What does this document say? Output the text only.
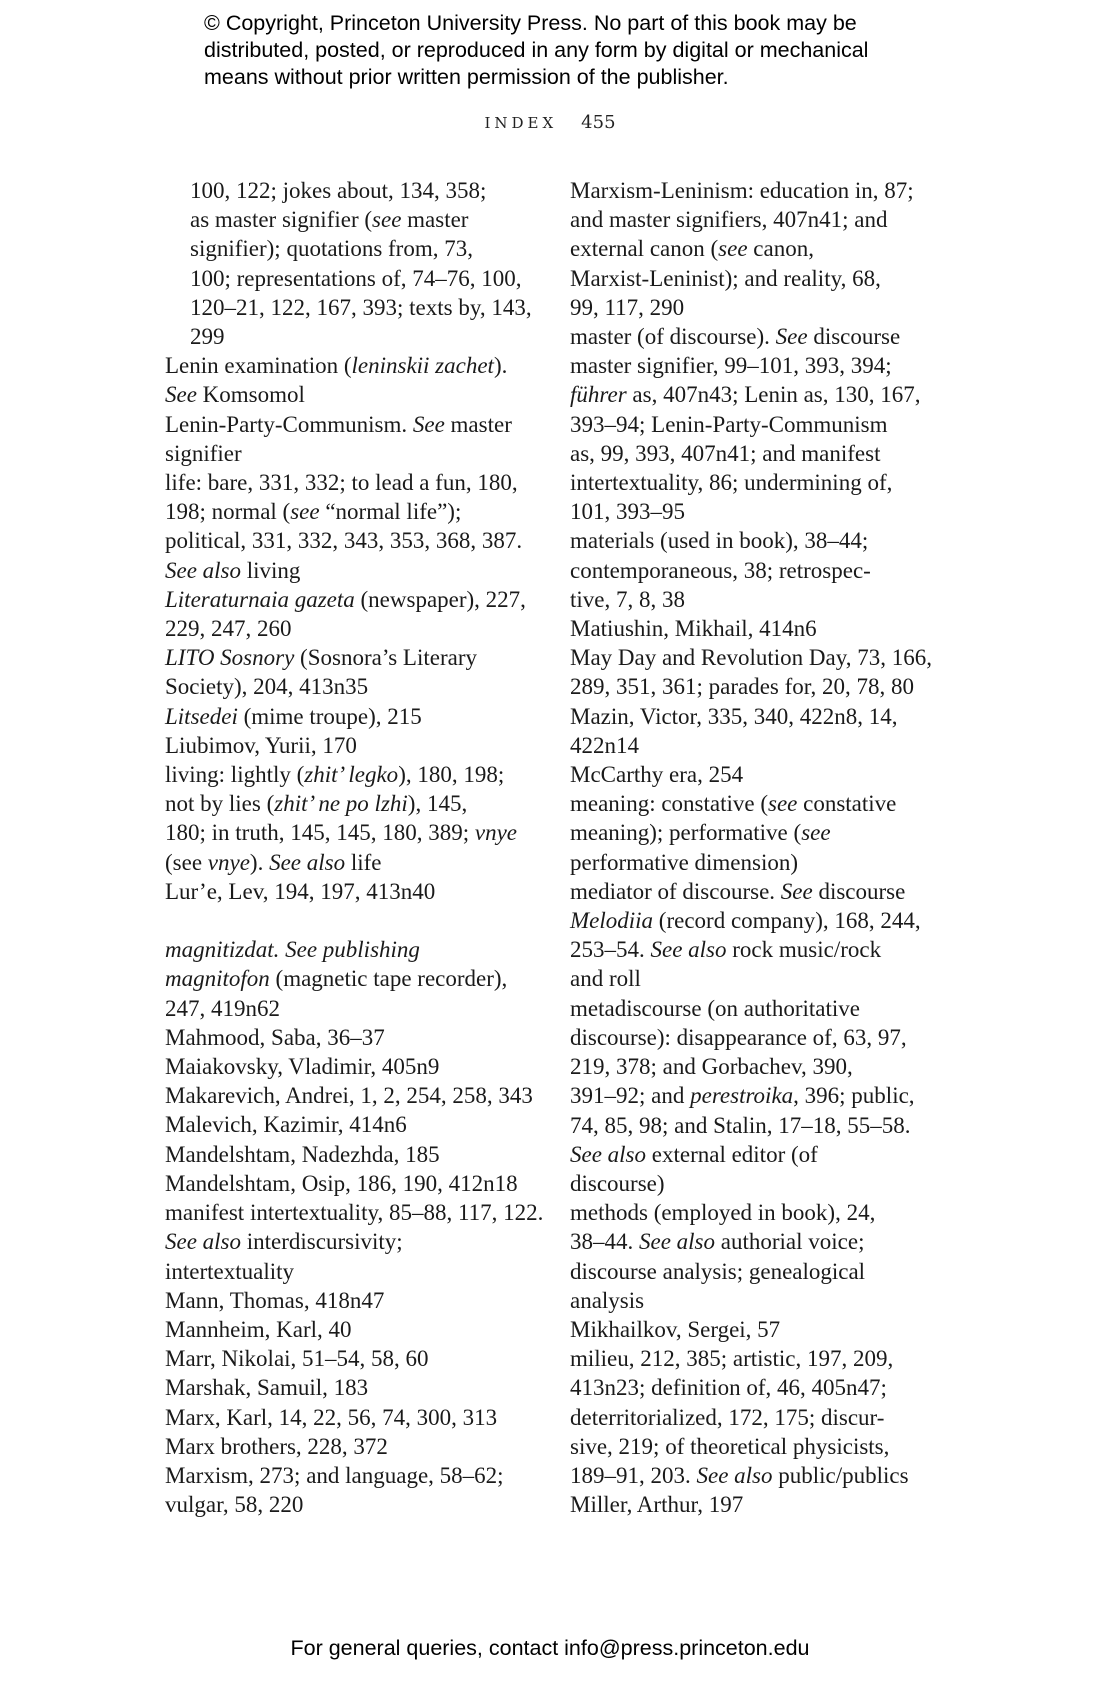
© Copyright, Princeton University Press. No part of this book may be
distributed, posted, or reproduced in any form by digital or mechanical
means without prior written permission of the publisher.
INDEX 455
100, 122; jokes about, 134, 358;
as master signifier (see master
signifier); quotations from, 73,
100; representations of, 74–76, 100,
120–21, 122, 167, 393; texts by, 143,
299
Lenin examination (leninskii zachet).
See Komsomol
Lenin-Party-Communism. See master
signifier
life: bare, 331, 332; to lead a fun, 180,
198; normal (see “normal life”);
political, 331, 332, 343, 353, 368, 387.
See also living
Literaturnaia gazeta (newspaper), 227,
229, 247, 260
LITO Sosnory (Sosnora’s Literary
Society), 204, 413n35
Litsedei (mime troupe), 215
Liubimov, Yurii, 170
living: lightly (zhit’ legko), 180, 198;
not by lies (zhit’ ne po lzhi), 145,
180; in truth, 145, 145, 180, 389; vnye
(see vnye). See also life
Lur’e, Lev, 194, 197, 413n40
magnitizdat. See publishing
magnitofon (magnetic tape recorder),
247, 419n62
Mahmood, Saba, 36–37
Maiakovsky, Vladimir, 405n9
Makarevich, Andrei, 1, 2, 254, 258, 343
Malevich, Kazimir, 414n6
Mandelshtam, Nadezhda, 185
Mandelshtam, Osip, 186, 190, 412n18
manifest intertextuality, 85–88, 117, 122.
See also interdiscursivity;
intertextuality
Mann, Thomas, 418n47
Mannheim, Karl, 40
Marr, Nikolai, 51–54, 58, 60
Marshak, Samuil, 183
Marx, Karl, 14, 22, 56, 74, 300, 313
Marx brothers, 228, 372
Marxism, 273; and language, 58–62;
vulgar, 58, 220
Marxism-Leninism: education in, 87;
and master signifiers, 407n41; and
external canon (see canon,
Marxist-Leninist); and reality, 68,
99, 117, 290
master (of discourse). See discourse
master signifier, 99–101, 393, 394;
führer as, 407n43; Lenin as, 130, 167,
393–94; Lenin-Party-Communism
as, 99, 393, 407n41; and manifest
intertextuality, 86; undermining of,
101, 393–95
materials (used in book), 38–44;
contemporaneous, 38; retrospec-
tive, 7, 8, 38
Matiushin, Mikhail, 414n6
May Day and Revolution Day, 73, 166,
289, 351, 361; parades for, 20, 78, 80
Mazin, Victor, 335, 340, 422n8, 14,
422n14
McCarthy era, 254
meaning: constative (see constative
meaning); performative (see
performative dimension)
mediator of discourse. See discourse
Melodiia (record company), 168, 244,
253–54. See also rock music/rock
and roll
metadiscourse (on authoritative
discourse): disappearance of, 63, 97,
219, 378; and Gorbachev, 390,
391–92; and perestroika, 396; public,
74, 85, 98; and Stalin, 17–18, 55–58.
See also external editor (of
discourse)
methods (employed in book), 24,
38–44. See also authorial voice;
discourse analysis; genealogical
analysis
Mikhailkov, Sergei, 57
milieu, 212, 385; artistic, 197, 209,
413n23; definition of, 46, 405n47;
deterritorialized, 172, 175; discur-
sive, 219; of theoretical physicists,
189–91, 203. See also public/publics
Miller, Arthur, 197
For general queries, contact info@press.princeton.edu
